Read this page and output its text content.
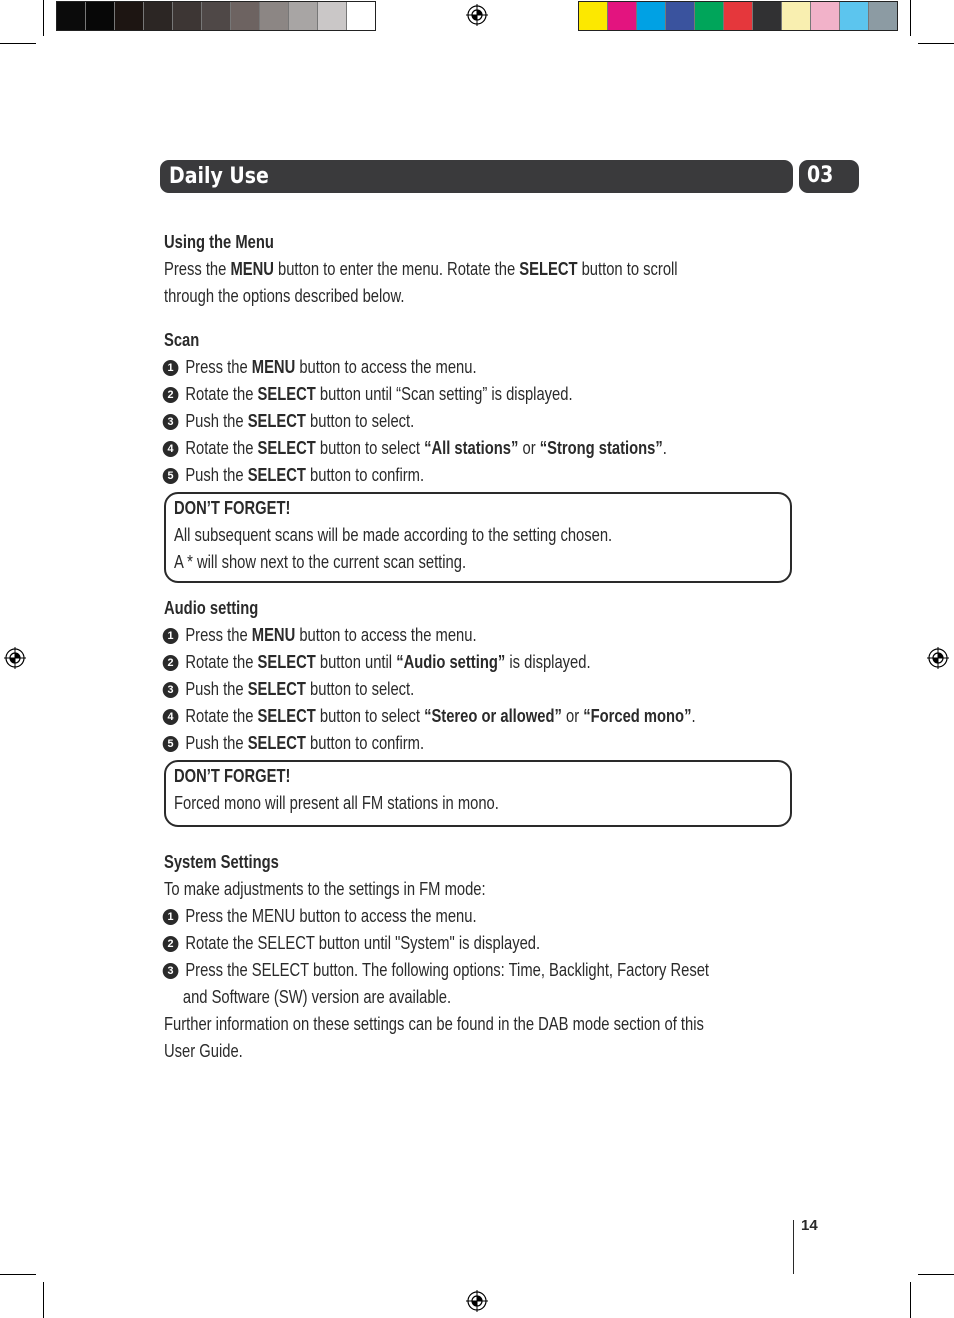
Daily Use	03
Using the Menu
Press the MENU button to enter the menu. Rotate the SELECT button to scroll
through the options described below.
Scan
1 Press the MENU button to access the menu.
2 Rotate the SELECT button until “Scan setting” is displayed.
3 Push the SELECT button to select.
4 Rotate the SELECT button to select “All stations” or “Strong stations”.
5 Push the SELECT button to confirm.
DON’T FORGET!
All subsequent scans will be made according to the setting chosen.
A * will show next to the current scan setting.
Audio setting
1 Press the MENU button to access the menu.
2 Rotate the SELECT button until “Audio setting” is displayed.
3 Push the SELECT button to select.
4 Rotate the SELECT button to select “Stereo or allowed” or “Forced mono”.
5 Push the SELECT button to confirm.
DON’T FORGET!
Forced mono will present all FM stations in mono.
System Settings
To make adjustments to the settings in FM mode:
1 Press the MENU button to access the menu.
2 Rotate the SELECT button until "System" is displayed.
3 Press the SELECT button. The following options: Time, Backlight, Factory Reset
and Software (SW) version are available.
Further information on these settings can be found in the DAB mode section of this
User Guide.
14
